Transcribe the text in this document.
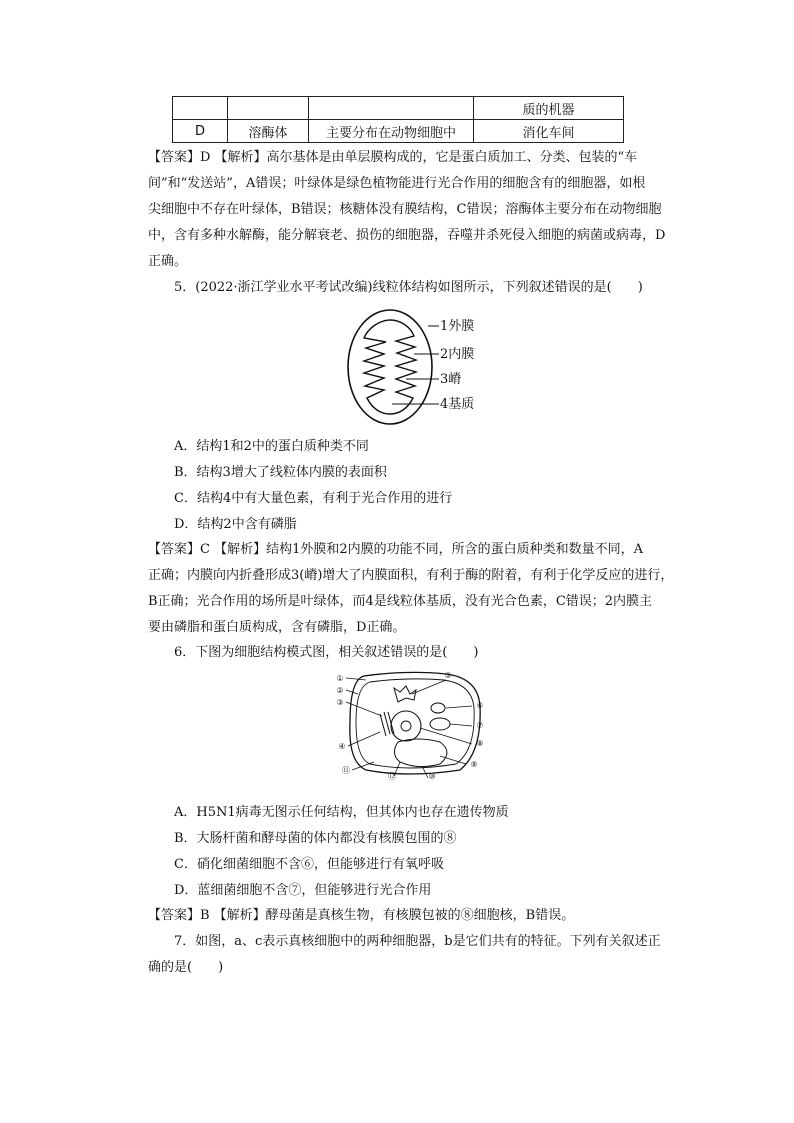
			质的机器
D	溶酶体	主要分布在动物细胞中	消化车间
【答案】D 【解析】高尔基体是由单层膜构成的，它是蛋白质加工、分类、包装的“车
间”和“发送站”，A错误；叶绿体是绿色植物能进行光合作用的细胞含有的细胞器，如根
尖细胞中不存在叶绿体，B错误；核糖体没有膜结构，C错误；溶酶体主要分布在动物细胞
中，含有多种水解酶，能分解衰老、损伤的细胞器，吞噬并杀死侵入细胞的病菌或病毒，D
正确。
5．(2022·浙江学业水平考试改编)线粒体结构如图所示，下列叙述错误的是(　　)
1外膜
2内膜
3嵴
4基质
A．结构1和2中的蛋白质种类不同
B．结构3增大了线粒体内膜的表面积
C．结构4中有大量色素，有利于光合作用的进行
D．结构2中含有磷脂
【答案】C 【解析】结构1外膜和2内膜的功能不同，所含的蛋白质种类和数量不同，A
正确；内膜向内折叠形成3(嵴)增大了内膜面积，有利于酶的附着，有利于化学反应的进行，
B正确；光合作用的场所是叶绿体，而4是线粒体基质，没有光合色素，C错误；2内膜主
要由磷脂和蛋白质构成，含有磷脂，D正确。
6．下图为细胞结构模式图，相关叙述错误的是(　　)
①
②
③
④
⑤
⑥
⑦
⑧
⑨
⑩
⑪
⑫
A．H5N1病毒无图示任何结构，但其体内也存在遗传物质
B．大肠杆菌和酵母菌的体内都没有核膜包围的⑧
C．硝化细菌细胞不含⑥，但能够进行有氧呼吸
D．蓝细菌细胞不含⑦，但能够进行光合作用
【答案】B 【解析】酵母菌是真核生物，有核膜包被的⑧细胞核，B错误。
7．如图，a、c表示真核细胞中的两种细胞器，b是它们共有的特征。下列有关叙述正
确的是(　　)
